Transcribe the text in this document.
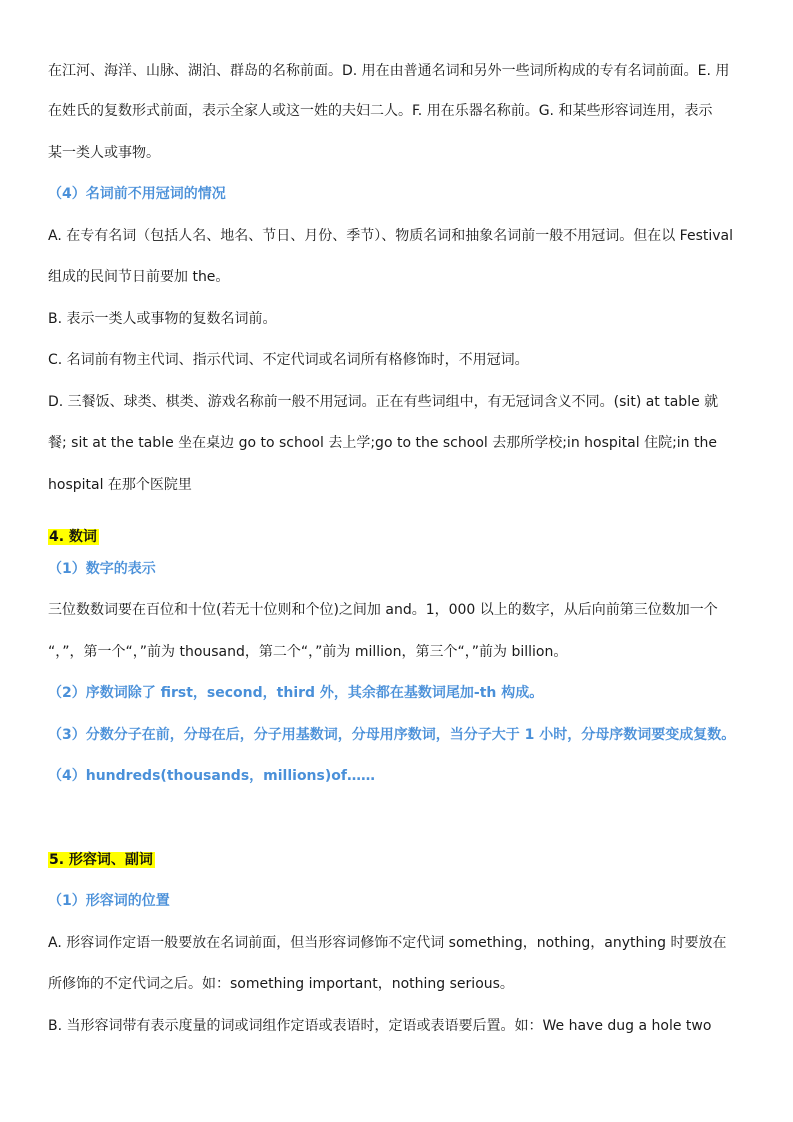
在江河、海洋、山脉、湖泊、群岛的名称前面。D. 用在由普通名词和另外一些词所构成的专有名词前面。E. 用
在姓氏的复数形式前面，表示全家人或这一姓的夫妇二人。F. 用在乐器名称前。G. 和某些形容词连用，表示
某一类人或事物。
（4）名词前不用冠词的情况
A. 在专有名词（包括人名、地名、节日、月份、季节）、物质名词和抽象名词前一般不用冠词。但在以 Festival
组成的民间节日前要加 the。
B. 表示一类人或事物的复数名词前。
C. 名词前有物主代词、指示代词、不定代词或名词所有格修饰时，不用冠词。
D. 三餐饭、球类、棋类、游戏名称前一般不用冠词。正在有些词组中，有无冠词含义不同。(sit) at table 就
餐; sit at the table 坐在桌边 go to school 去上学;go to the school 去那所学校;in hospital 住院;in the
hospital 在那个医院里
4. 数词
（1）数字的表示
三位数数词要在百位和十位(若无十位则和个位)之间加 and。1，000 以上的数字，从后向前第三位数加一个
“，”，第一个“，”前为 thousand，第二个“，”前为 million，第三个“，”前为 billion。
（2）序数词除了 first，second，third 外，其余都在基数词尾加-th 构成。
（3）分数分子在前，分母在后，分子用基数词，分母用序数词，当分子大于 1 小时，分母序数词要变成复数。
（4）hundreds(thousands，millions)of……
5. 形容词、副词
（1）形容词的位置
A. 形容词作定语一般要放在名词前面，但当形容词修饰不定代词 something，nothing，anything 时要放在
所修饰的不定代词之后。如：something important，nothing serious。
B. 当形容词带有表示度量的词或词组作定语或表语时，定语或表语要后置。如：We have dug a hole two
